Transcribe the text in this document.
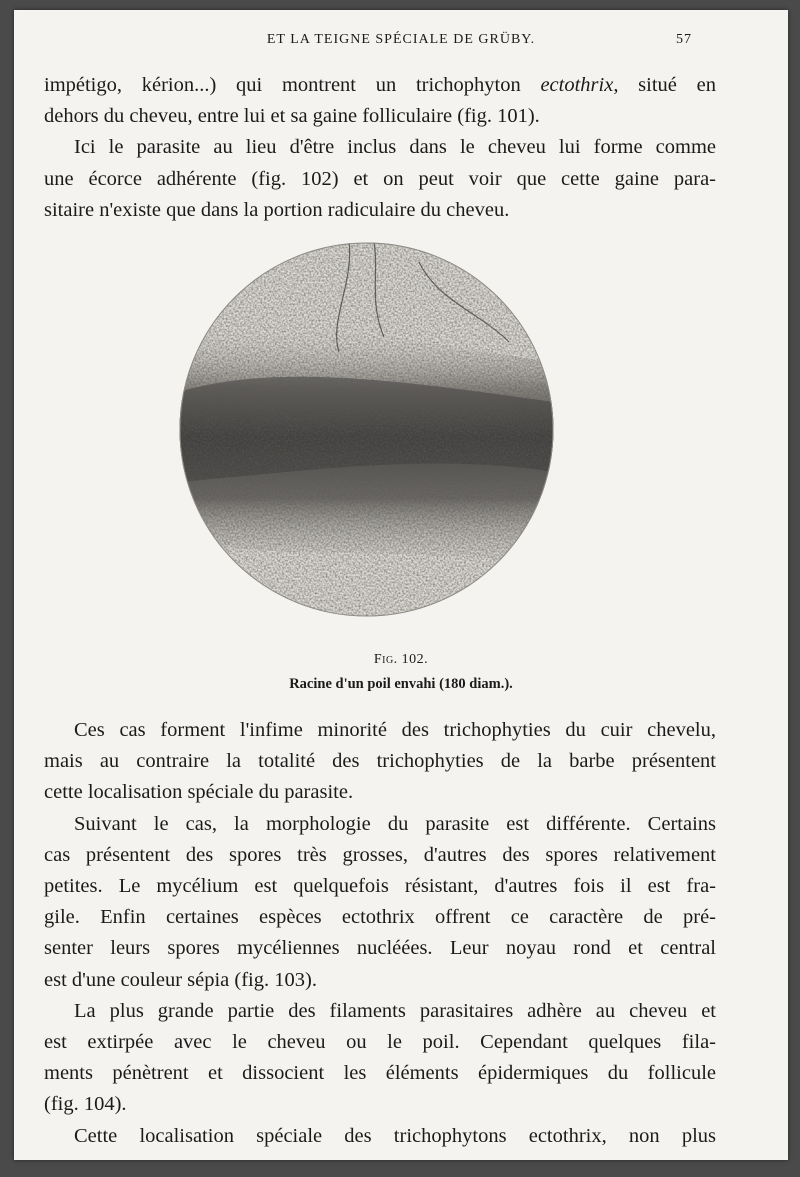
ET LA TEIGNE SPÉCIALE DE GRÜBY.	57
impétigo, kérion...) qui montrent un trichophyton ectothrix, situé en
dehors du cheveu, entre lui et sa gaine folliculaire (fig. 101).
Ici le parasite au lieu d'être inclus dans le cheveu lui forme comme
une écorce adhérente (fig. 102) et on peut voir que cette gaine para-
sitaire n'existe que dans la portion radiculaire du cheveu.
Fig. 102.
Racine d'un poil envahi (180 diam.).
Ces cas forment l'infime minorité des trichophyties du cuir chevelu,
mais au contraire la totalité des trichophyties de la barbe présentent
cette localisation spéciale du parasite.
Suivant le cas, la morphologie du parasite est différente. Certains
cas présentent des spores très grosses, d'autres des spores relativement
petites. Le mycélium est quelquefois résistant, d'autres fois il est fra-
gile. Enfin certaines espèces ectothrix offrent ce caractère de pré-
senter leurs spores mycéliennes nucléées. Leur noyau rond et central
est d'une couleur sépia (fig. 103).
La plus grande partie des filaments parasitaires adhère au cheveu et
est extirpée avec le cheveu ou le poil. Cependant quelques fila-
ments pénètrent et dissocient les éléments épidermiques du follicule
(fig. 104).
Cette localisation spéciale des trichophytons ectothrix, non plus
